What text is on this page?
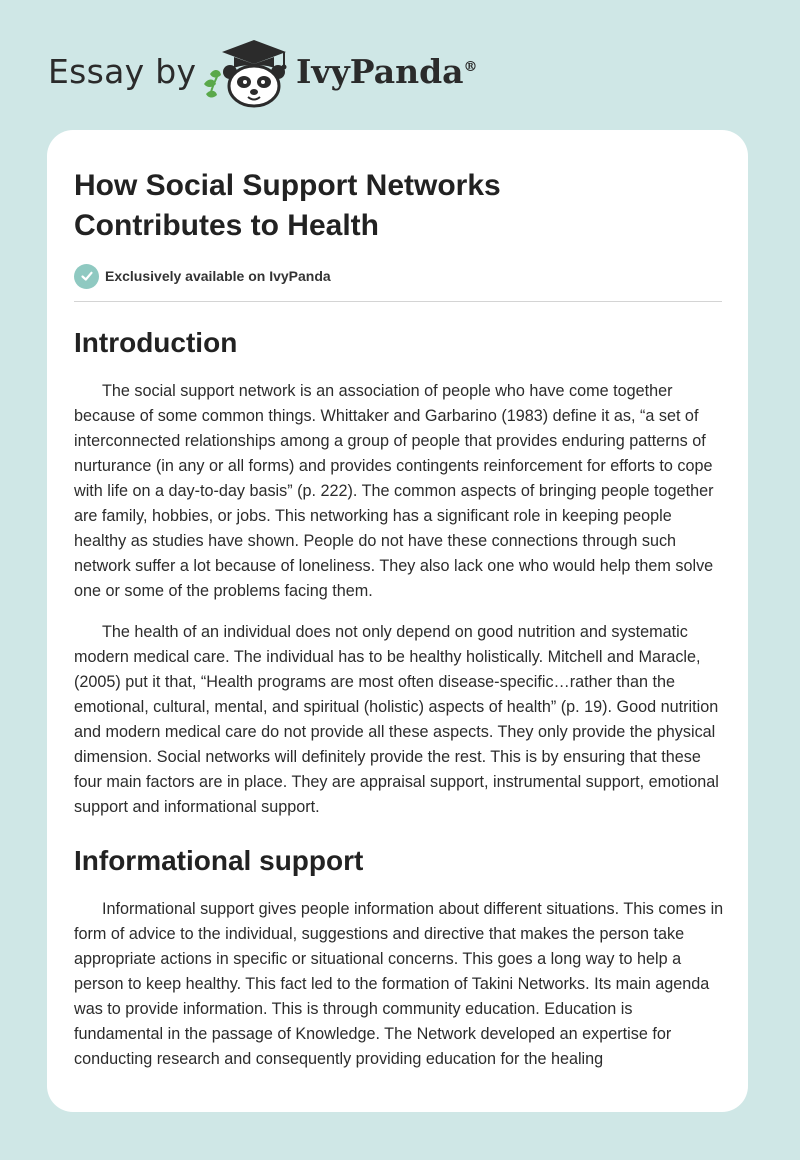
Essay by	IvyPanda®
How Social Support Networks Contributes to Health
Exclusively available on IvyPanda
Introduction

The social support network is an association of people who have come together because of some common things. Whittaker and Garbarino (1983) define it as, “a set of interconnected relationships among a group of people that provides enduring patterns of nurturance (in any or all forms) and provides contingents reinforcement for efforts to cope with life on a day-to-day basis” (p. 222). The common aspects of bringing people together are family, hobbies, or jobs. This networking has a significant role in keeping people healthy as studies have shown. People do not have these connections through such network suffer a lot because of loneliness. They also lack one who would help them solve one or some of the problems facing them.

The health of an individual does not only depend on good nutrition and systematic modern medical care. The individual has to be healthy holistically. Mitchell and Maracle, (2005) put it that, “Health programs are most often disease-specific…rather than the emotional, cultural, mental, and spiritual (holistic) aspects of health” (p. 19). Good nutrition and modern medical care do not provide all these aspects. They only provide the physical dimension. Social networks will definitely provide the rest. This is by ensuring that these four main factors are in place. They are appraisal support, instrumental support, emotional support and informational support.

Informational support

Informational support gives people information about different situations. This comes in form of advice to the individual, suggestions and directive that makes the person take appropriate actions in specific or situational concerns. This goes a long way to help a person to keep healthy. This fact led to the formation of Takini Networks. Its main agenda was to provide information. This is through community education. Education is fundamental in the passage of Knowledge. The Network developed an expertise for conducting research and consequently providing education for the healing
